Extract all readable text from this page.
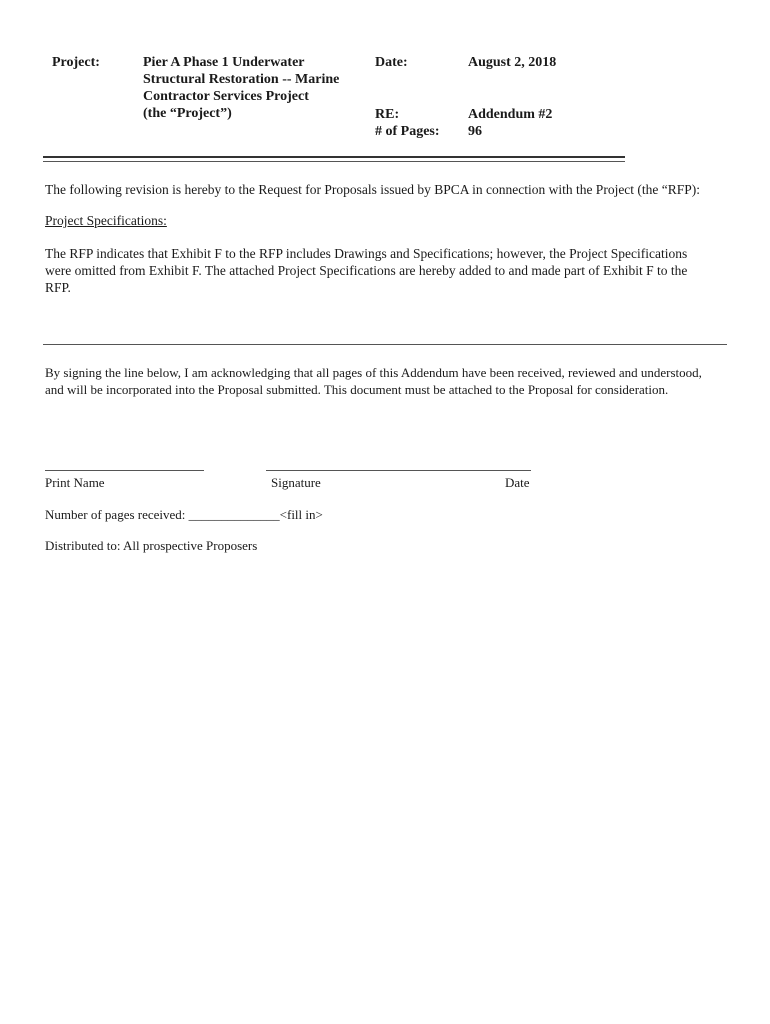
Project:	Pier A Phase 1 Underwater
Structural Restoration -- Marine
Contractor Services Project
(the “Project”)
Date:	August 2, 2018
RE:	Addendum #2
# of Pages: 96
The following revision is hereby to the Request for Proposals issued by BPCA in connection with the Project (the “RFP):
Project Specifications:
The RFP indicates that Exhibit F to the RFP includes Drawings and Specifications; however, the Project Specifications
were omitted from Exhibit F. The attached Project Specifications are hereby added to and made part of Exhibit F to the
RFP.
By signing the line below, I am acknowledging that all pages of this Addendum have been received, reviewed and understood,
and will be incorporated into the Proposal submitted. This document must be attached to the Proposal for consideration.
Print Name	Signature	Date
Number of pages received: ______________<fill in>
Distributed to: All prospective Proposers
